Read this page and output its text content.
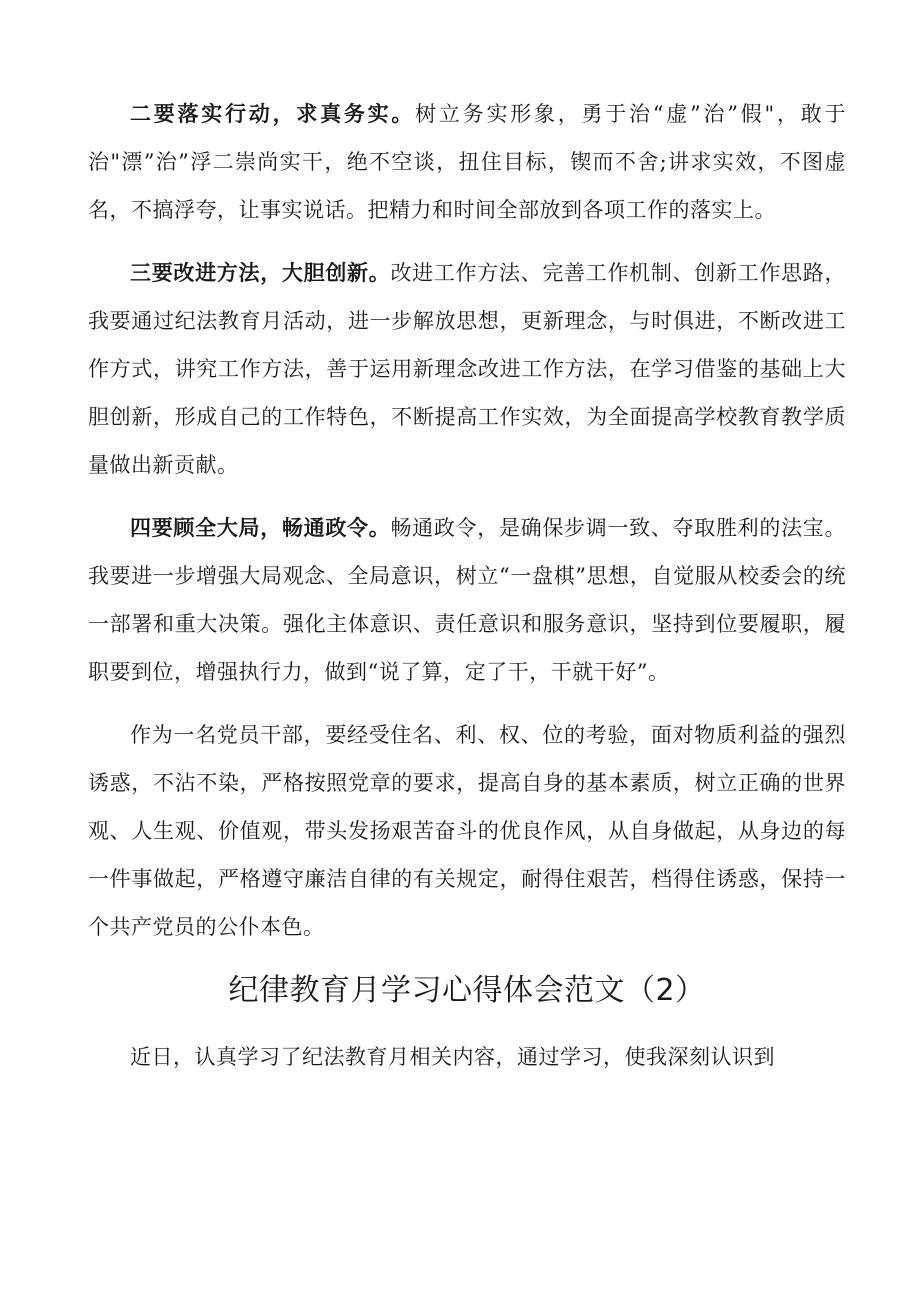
二要落实行动，求真务实。树立务实形象，勇于治“虚”治”假"，敢于治"漂”治”浮二崇尚实干，绝不空谈，扭住目标，锲而不舍;讲求实效，不图虚名，不搞浮夸，让事实说话。把精力和时间全部放到各项工作的落实上。

三要改进方法，大胆创新。改进工作方法、完善工作机制、创新工作思路，我要通过纪法教育月活动，进一步解放思想，更新理念，与时俱进，不断改进工作方式，讲究工作方法，善于运用新理念改进工作方法，在学习借鉴的基础上大胆创新，形成自己的工作特色，不断提高工作实效，为全面提高学校教育教学质量做出新贡献。

四要顾全大局，畅通政令。畅通政令，是确保步调一致、夺取胜利的法宝。我要进一步增强大局观念、全局意识，树立“一盘棋”思想，自觉服从校委会的统一部署和重大决策。强化主体意识、责任意识和服务意识，坚持到位要履职，履职要到位，增强执行力，做到“说了算，定了干，干就干好”。

作为一名党员干部，要经受住名、利、权、位的考验，面对物质利益的强烈诱惑，不沾不染，严格按照党章的要求，提高自身的基本素质，树立正确的世界观、人生观、价值观，带头发扬艰苦奋斗的优良作风，从自身做起，从身边的每一件事做起，严格遵守廉洁自律的有关规定，耐得住艰苦，档得住诱惑，保持一个共产党员的公仆本色。

纪律教育月学习心得体会范文（2）

近日，认真学习了纪法教育月相关内容，通过学习，使我深刻认识到
